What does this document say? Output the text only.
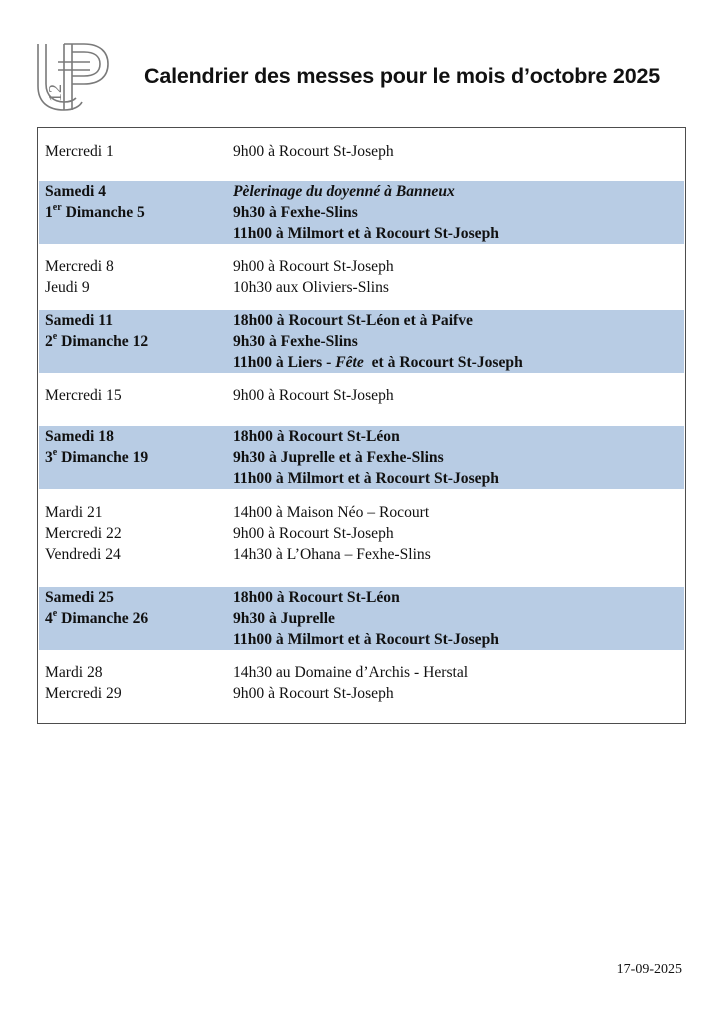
12
Calendrier des messes pour le mois d’octobre 2025
Mercredi 1	9h00 à Rocourt St-Joseph
Samedi 4	Pèlerinage du doyenné à Banneux
1er Dimanche 5	9h30 à Fexhe-Slins
11h00 à Milmort et à Rocourt St-Joseph
Mercredi 8	9h00 à Rocourt St-Joseph
Jeudi 9	10h30 aux Oliviers-Slins
Samedi 11	18h00 à Rocourt St-Léon et à Paifve
2e Dimanche 12	9h30 à Fexhe-Slins
11h00 à Liers - Fête  et à Rocourt St-Joseph
Mercredi 15	9h00 à Rocourt St-Joseph
Samedi 18	18h00 à Rocourt St-Léon
3e Dimanche 19	9h30 à Juprelle et à Fexhe-Slins
11h00 à Milmort et à Rocourt St-Joseph
Mardi 21	14h00 à Maison Néo – Rocourt
Mercredi 22	9h00 à Rocourt St-Joseph
Vendredi 24	14h30 à L’Ohana – Fexhe-Slins
Samedi 25	18h00 à Rocourt St-Léon
4e Dimanche 26	9h30 à Juprelle
11h00 à Milmort et à Rocourt St-Joseph
Mardi 28	14h30 au Domaine d’Archis - Herstal
Mercredi 29	9h00 à Rocourt St-Joseph
17-09-2025
